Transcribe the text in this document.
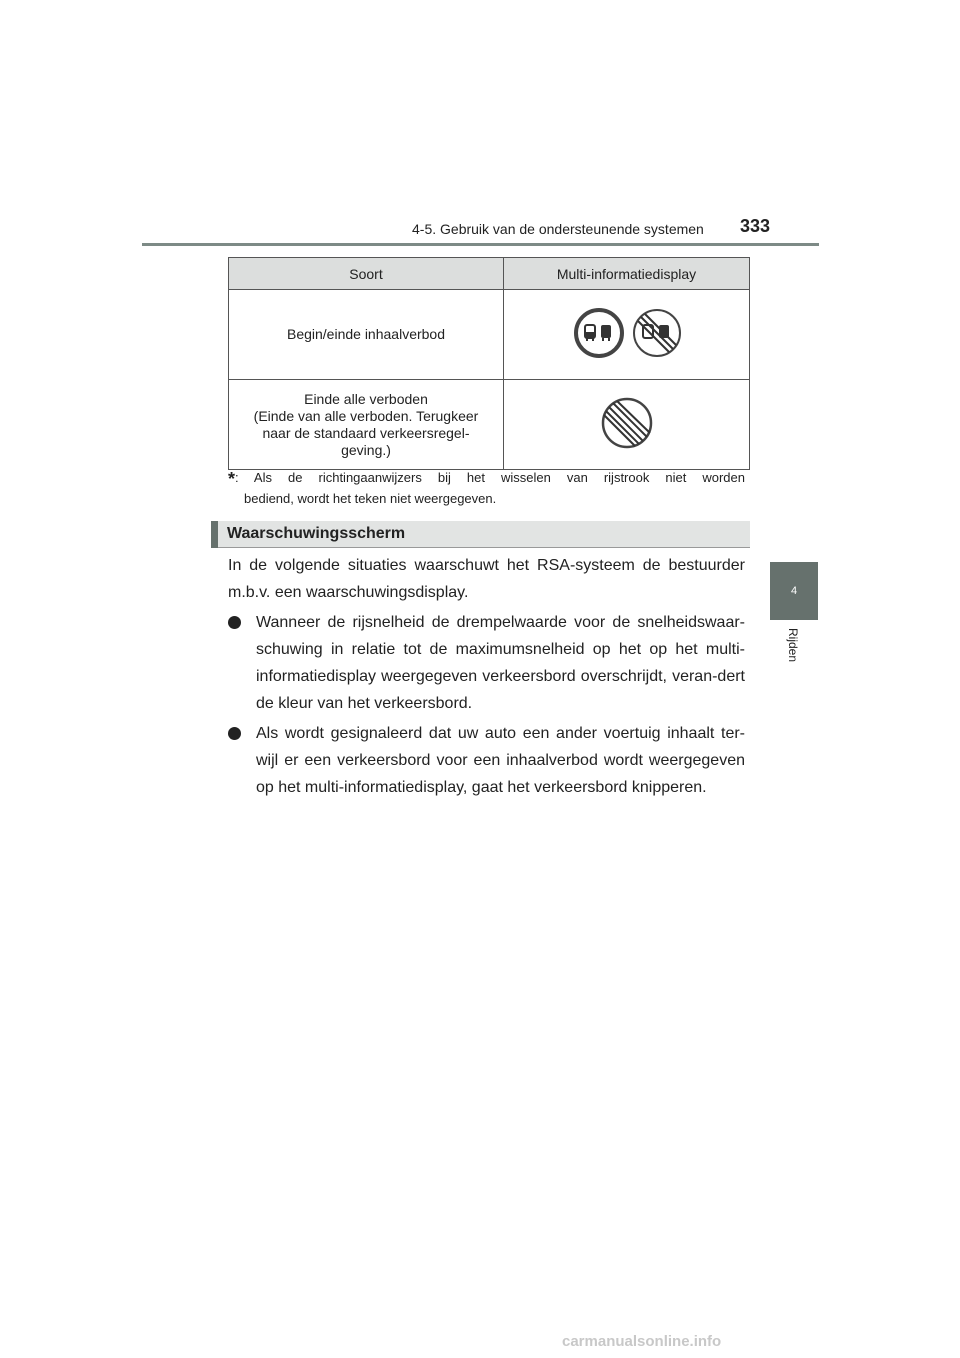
4-5. Gebruik van de ondersteunende systemen 333
4
Rijden
Soort	Multi-informatiedisplay
Begin/einde inhaalverbod	
Einde alle verboden
(Einde van alle verboden. Terugkeer
naar de standaard verkeersregel-
geving.)	

*: Als de richtingaanwijzers bij het wisselen van rijstrook niet worden

bediend, wordt het teken niet weergegeven.

Waarschuwingsscherm

In de volgende situaties waarschuwt het RSA-systeem de bestuurder m.b.v. een waarschuwingsdisplay.

Wanneer de rijsnelheid de drempelwaarde voor de snelheidswaar-schuwing in relatie tot de maximumsnelheid op het op het multi-informatiedisplay weergegeven verkeersbord overschrijdt, veran-dert de kleur van het verkeersbord.

Als wordt gesignaleerd dat uw auto een ander voertuig inhaalt ter-wijl er een verkeersbord voor een inhaalverbod wordt weergegeven op het multi-informatiedisplay, gaat het verkeersbord knipperen.

carmanualsonline.info
